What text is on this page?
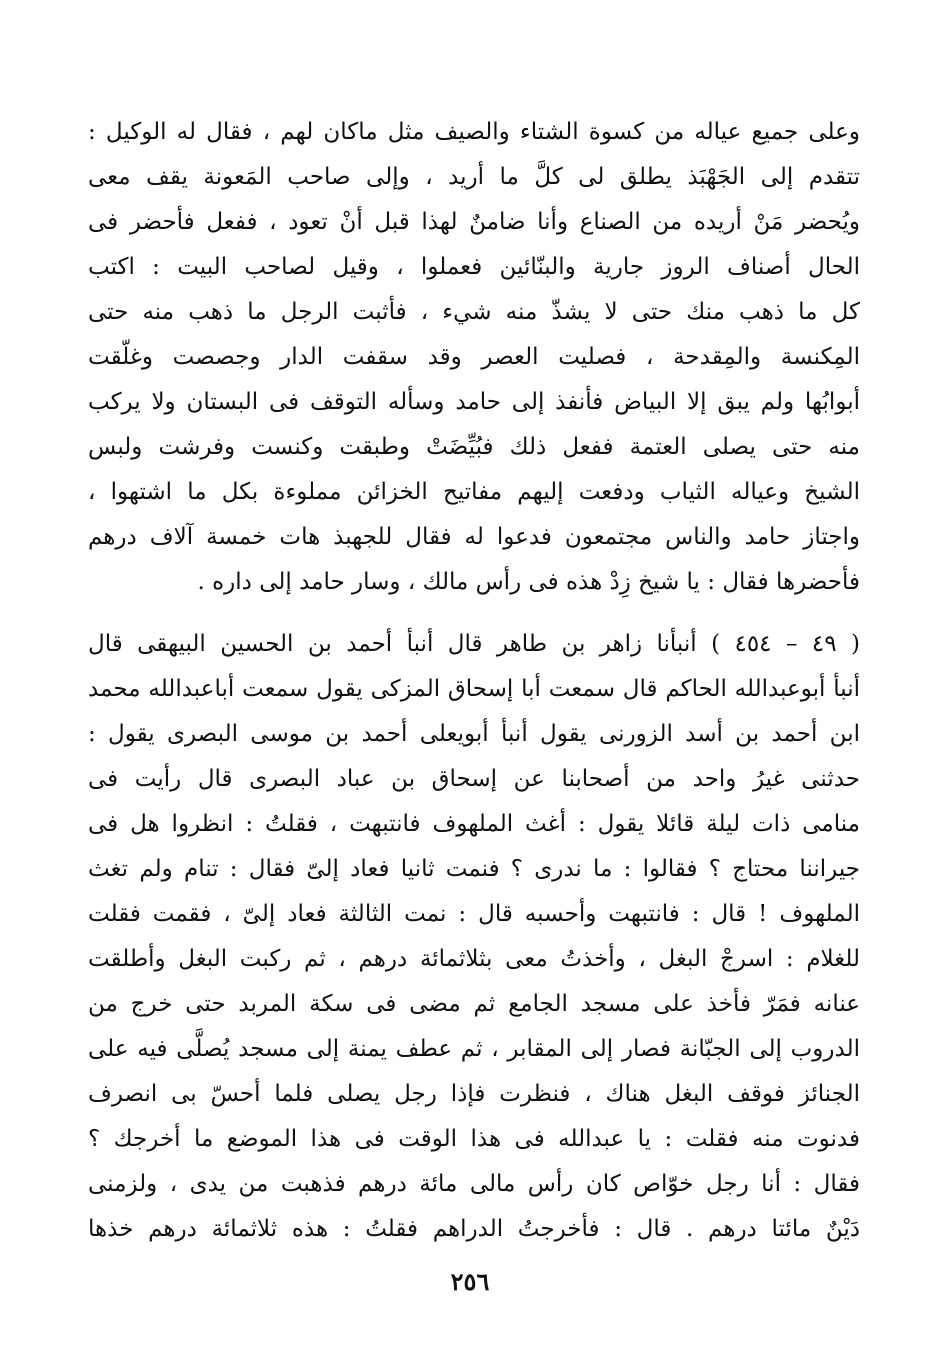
وعلى جميع عياله من كسوة الشتاء والصيف مثل ماكان لهم ، فقال له الوكيل :
تتقدم إلى الجَهْبَذ يطلق لى كلَّ ما أريد ، وإلى صاحب المَعونة يقف معى
ويُحضر مَنْ أريده من الصناع وأنا ضامنٌ لهذا قبل أنْ تعود ، ففعل فأحضر فى
الحال أصناف الروز جارية والبنّائين فعملوا ، وقيل لصاحب البيت : اكتب
كل ما ذهب منك حتى لا يشذّ منه شيء ، فأثبت الرجل ما ذهب منه حتى
المِكنسة والمِقدحة ، فصليت العصر وقد سقفت الدار وجصصت وغلّقت
أبوابُها ولم يبق إلا البياض فأنفذ إلى حامد وسأله التوقف فى البستان ولا يركب
منه حتى يصلى العتمة ففعل ذلك فبُيِّضَتْ وطبقت وكنست وفرشت ولبس
الشيخ وعياله الثياب ودفعت إليهم مفاتيح الخزائن مملوءة بكل ما اشتهوا ،
واجتاز حامد والناس مجتمعون فدعوا له فقال للجهبذ هات خمسة آلاف درهم
فأحضرها فقال : يا شيخ زِدْ هذه فى رأس مالك ، وسار حامد إلى داره .
( ٤٩ – ٤٥٤ ) أنبأنا زاهر بن طاهر قال أنبأ أحمد بن الحسين البيهقى قال
أنبأ أبوعبدالله الحاكم قال سمعت أبا إسحاق المزكى يقول سمعت أباعبدالله محمد
ابن أحمد بن أسد الزورنى يقول أنبأ أبويعلى أحمد بن موسى البصرى يقول :
حدثنى غيرُ واحد من أصحابنا عن إسحاق بن عباد البصرى قال رأيت فى
منامى ذات ليلة قائلا يقول : أغث الملهوف فانتبهت ، فقلتُ : انظروا هل فى
جيراننا محتاج ؟ فقالوا : ما ندرى ؟ فنمت ثانيا فعاد إلىّ فقال : تنام ولم تغث
الملهوف ! قال : فانتبهت وأحسبه قال : نمت الثالثة فعاد إلىّ ، فقمت فقلت
للغلام : اسرجْ البغل ، وأخذتُ معى بثلاثمائة درهم ، ثم ركبت البغل وأطلقت
عنانه فمَرّ فأخذ على مسجد الجامع ثم مضى فى سكة المربد حتى خرج من
الدروب إلى الجبّانة فصار إلى المقابر ، ثم عطف يمنة إلى مسجد يُصلَّى فيه على
الجنائز فوقف البغل هناك ، فنظرت فإذا رجل يصلى فلما أحسّ بى انصرف
فدنوت منه فقلت : يا عبدالله فى هذا الوقت فى هذا الموضع ما أخرجك ؟
فقال : أنا رجل خوّاص كان رأس مالى مائة درهم فذهبت من يدى ، ولزمنى
دَيْنٌ مائتا درهم . قال : فأخرجتُ الدراهم فقلتُ : هذه ثلاثمائة درهم خذها
٢٥٦
